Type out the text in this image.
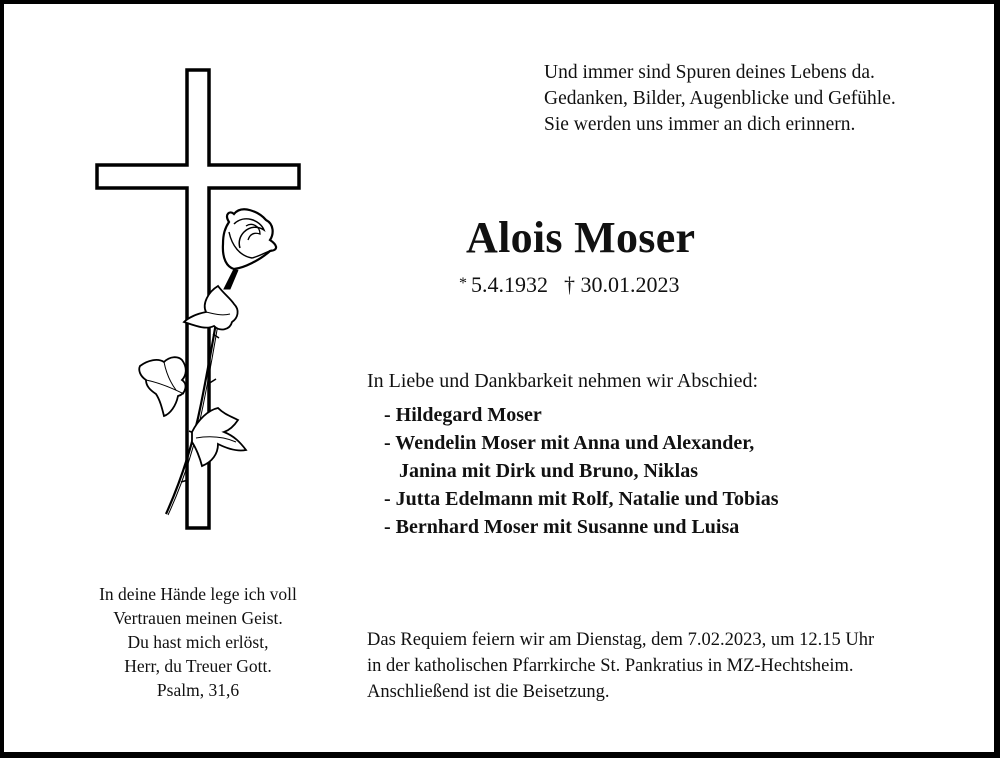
Und immer sind Spuren deines Lebens da.
Gedanken, Bilder, Augenblicke und Gefühle.
Sie werden uns immer an dich erinnern.
Alois Moser
* 5.4.1932 † 30.01.2023
In Liebe und Dankbarkeit nehmen wir Abschied:
- Hildegard Moser
- Wendelin Moser mit Anna und Alexander,
Janina mit Dirk und Bruno, Niklas
- Jutta Edelmann mit Rolf, Natalie und Tobias
- Bernhard Moser mit Susanne und Luisa
Das Requiem feiern wir am Dienstag, dem 7.02.2023, um 12.15 Uhr
in der katholischen Pfarrkirche St. Pankratius in MZ-Hechtsheim.
Anschließend ist die Beisetzung.
In deine Hände lege ich voll
Vertrauen meinen Geist.
Du hast mich erlöst,
Herr, du Treuer Gott.
Psalm, 31,6
